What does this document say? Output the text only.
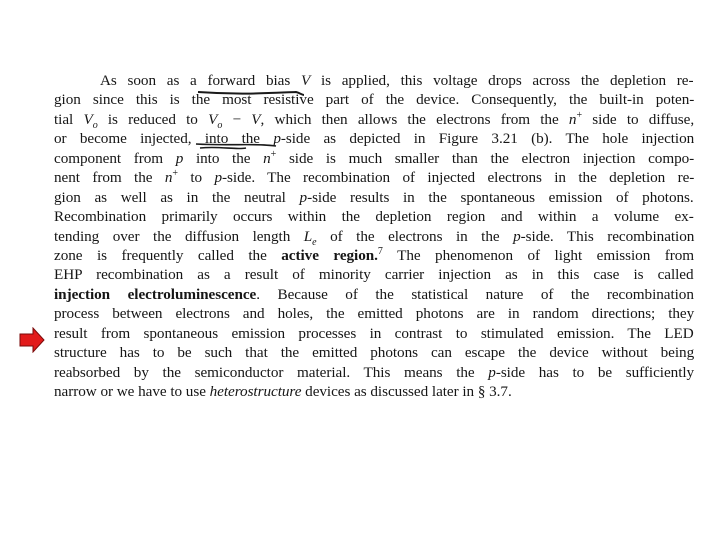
As soon as a forward bias V is applied, this voltage drops across the depletion re-
gion since this is the most resistive part of the device. Consequently, the built-in poten-
tial $V_o$ is reduced to $V_o - V$, which then allows the electrons from the n+ side to diffuse,
or become injected, into the p-side as depicted in Figure 3.21 (b). The hole injection
component from p into the n+ side is much smaller than the electron injection compo-
nent from the n+ to p-side. The recombination of injected electrons in the depletion re-
gion as well as in the neutral p-side results in the spontaneous emission of photons.
Recombination primarily occurs within the depletion region and within a volume ex-
tending over the diffusion length $L_e$ of the electrons in the p-side. This recombination
zone is frequently called the active region.$^7$ The phenomenon of light emission from
EHP recombination as a result of minority carrier injection as in this case is called
injection electroluminescence. Because of the statistical nature of the recombination
process between electrons and holes, the emitted photons are in random directions; they
result from spontaneous emission processes in contrast to stimulated emission. The LED
structure has to be such that the emitted photons can escape the device without being
reabsorbed by the semiconductor material. This means the p-side has to be sufficiently
narrow or we have to use heterostructure devices as discussed later in § 3.7.
